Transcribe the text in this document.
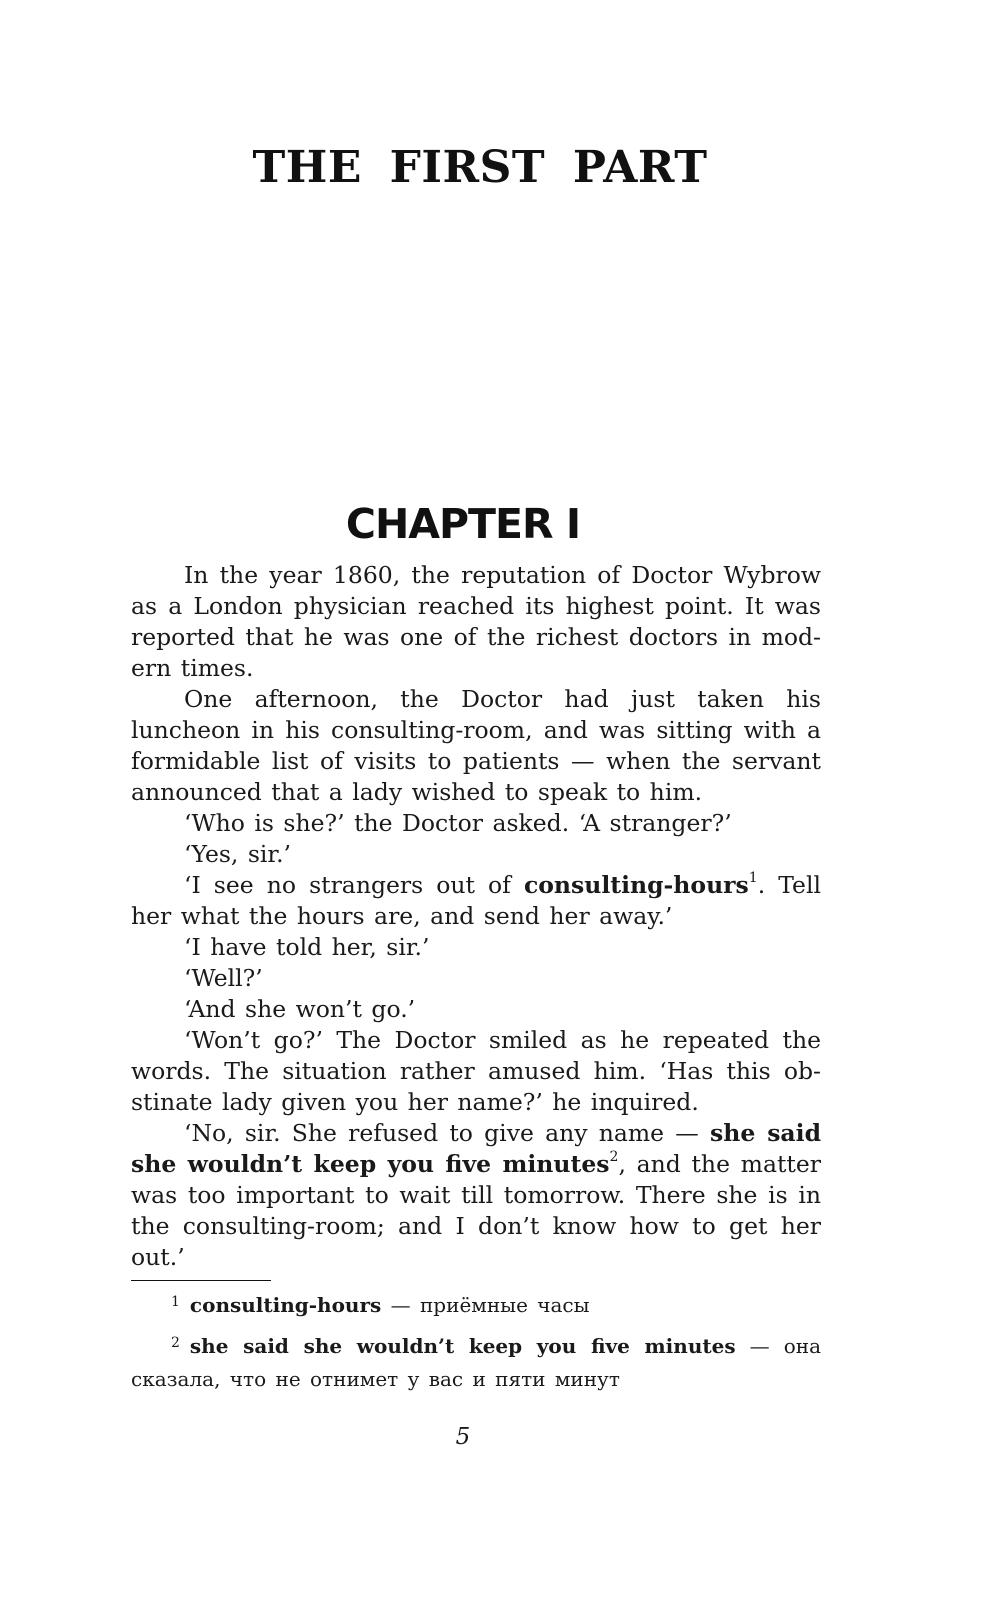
THE FIRST PART
CHAPTER I

In the year 1860, the reputation of Doctor Wybrow as a London physician reached its highest point. It was reported that he was one of the richest doctors in modern times.

One afternoon, the Doctor had just taken his luncheon in his consulting-room, and was sitting with a formidable list of visits to patients — when the servant announced that a lady wished to speak to him.

‘Who is she?’ the Doctor asked. ‘A stranger?’

‘Yes, sir.’

‘I see no strangers out of consulting-hours$^1$. Tell her what the hours are, and send her away.’

‘I have told her, sir.’

‘Well?’

‘And she won’t go.’

‘Won’t go?’ The Doctor smiled as he repeated the words. The situation rather amused him. ‘Has this obstinate lady given you her name?’ he inquired.

‘No, sir. She refused to give any name — she said she wouldn’t keep you five minutes$^2$, and the matter was too important to wait till tomorrow. There she is in the consulting-room; and I don’t know how to get her out.’

$^1$ consulting-hours — приёмные часы

$^2$ she said she wouldn’t keep you five minutes — она сказала, что не отнимет у вас и пяти минут

5
